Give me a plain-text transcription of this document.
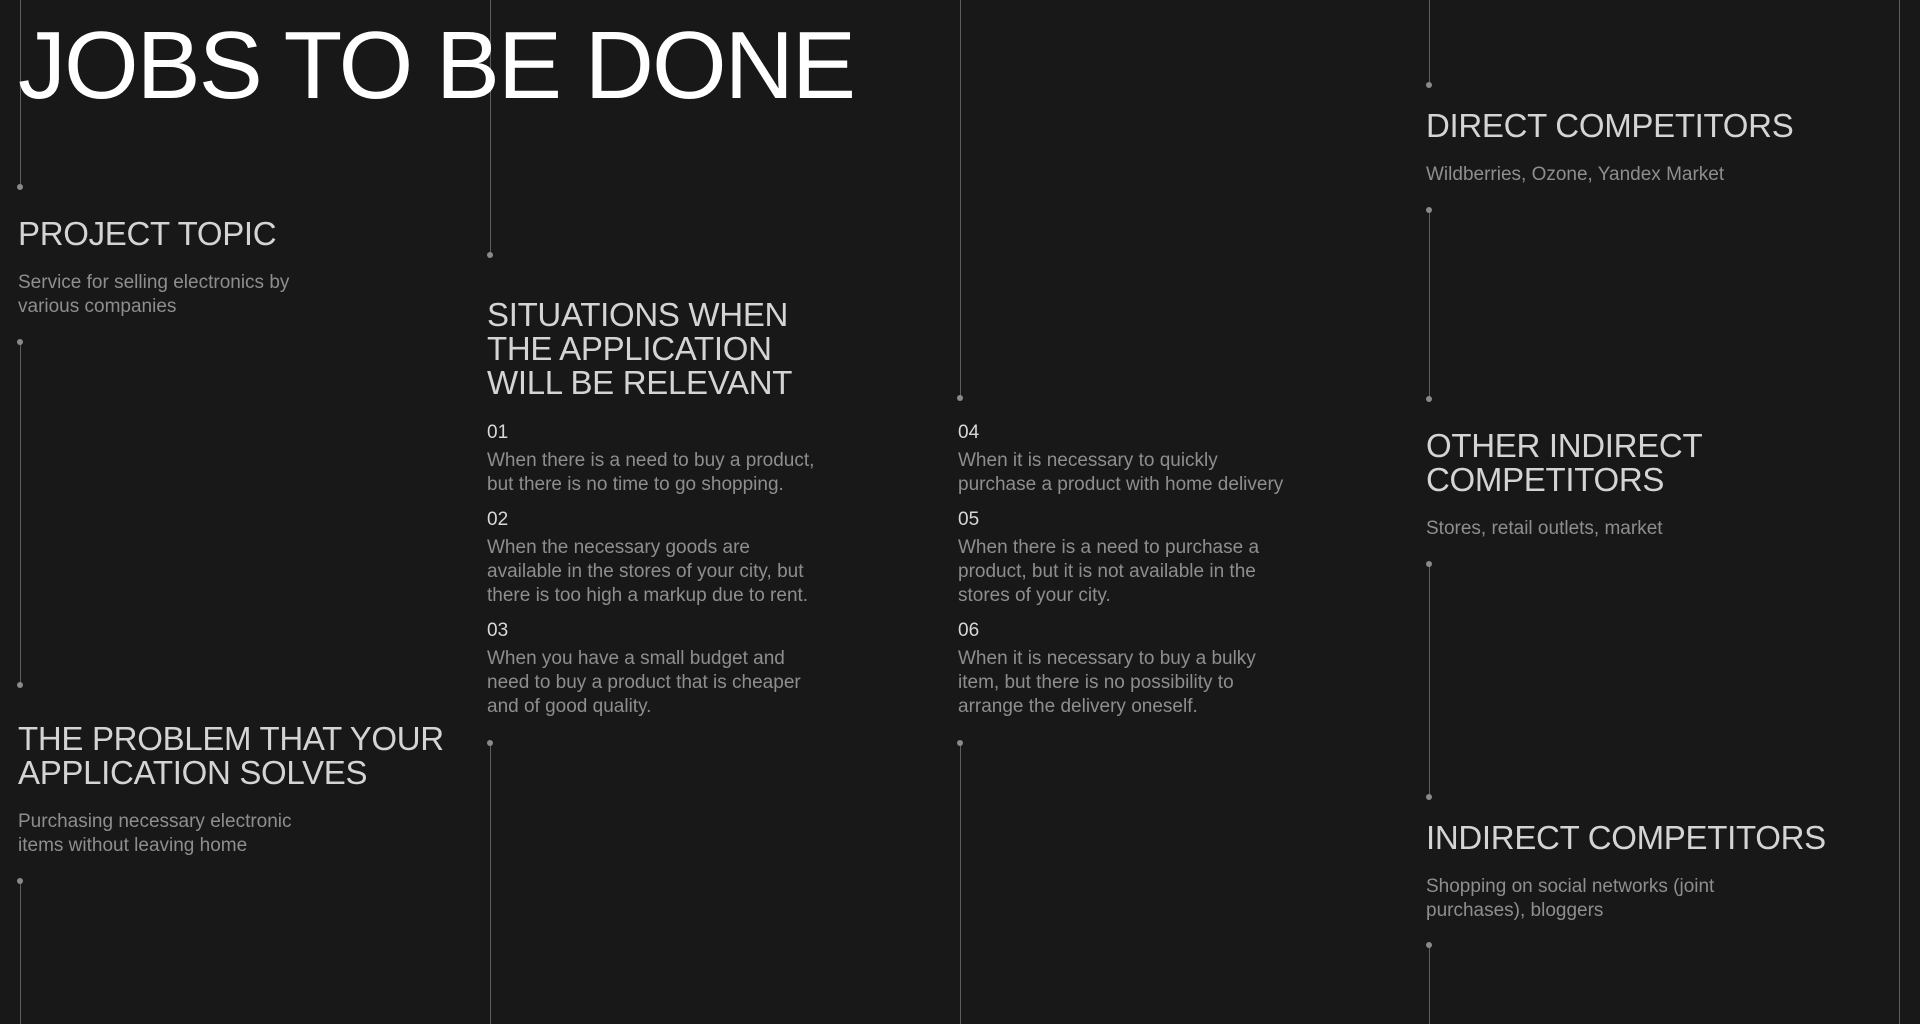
JOBS TO BE DONE
PROJECT TOPIC

Service for selling electronics by various companies

THE PROBLEM THAT YOUR APPLICATION SOLVES

Purchasing necessary electronic items without leaving home

SITUATIONS WHEN THE APPLICATION WILL BE RELEVANT
01
When there is a need to buy a product, but there is no time to go shopping.
02
When the necessary goods are available in the stores of your city, but there is too high a markup due to rent.
03
When you have a small budget and need to buy a product that is cheaper and of good quality.
04
When it is necessary to quickly purchase a product with home delivery
05
When there is a need to purchase a product, but it is not available in the stores of your city.
06
When it is necessary to buy a bulky item, but there is no possibility to arrange the delivery oneself.
DIRECT COMPETITORS

Wildberries, Ozone, Yandex Market

OTHER INDIRECT COMPETITORS

Stores, retail outlets, market

INDIRECT COMPETITORS

Shopping on social networks (joint purchases), bloggers
